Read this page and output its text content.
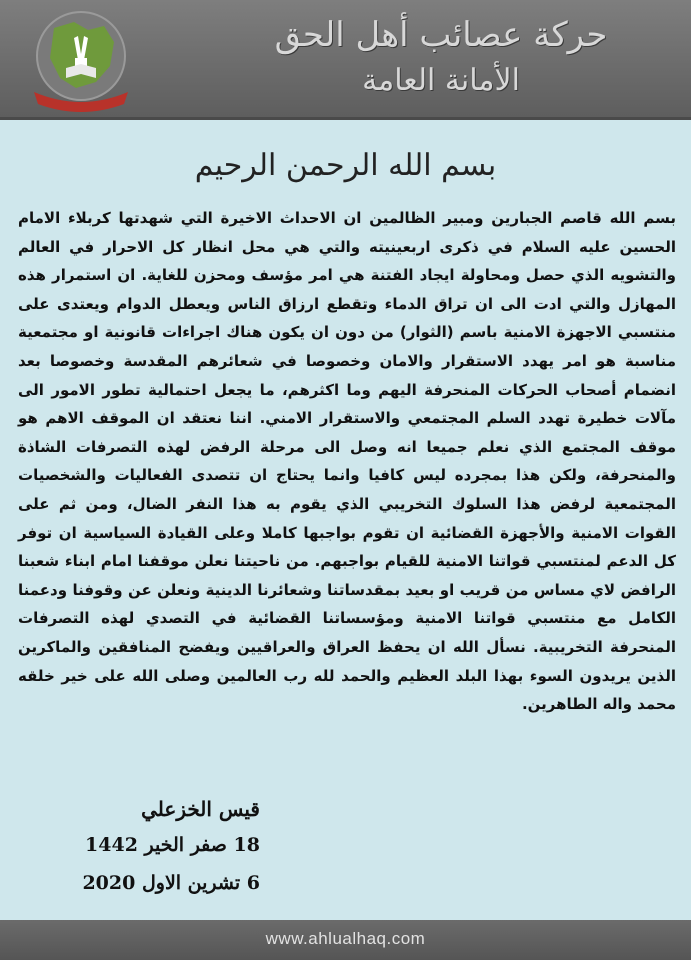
حركة عصائب أهل الحق
الأمانة العامة
بسم الله الرحمن الرحيم
بسم الله قاصم الجبارين ومبير الظالمين ان الاحداث الاخيرة التي شهدتها كربلاء الامام الحسين عليه السلام في ذكرى اربعينيته والتي هي محل انظار كل الاحرار في العالم والتشويه الذي حصل ومحاولة ايجاد الفتنة هي امر مؤسف ومحزن للغاية. ان استمرار هذه المهازل والتي ادت الى ان تراق الدماء وتقطع ارزاق الناس ويعطل الدوام ويعتدى على منتسبي الاجهزة الامنية باسم (الثوار) من دون ان يكون هناك اجراءات قانونية او مجتمعية مناسبة هو امر يهدد الاستقرار والامان وخصوصا في شعائرهم المقدسة وخصوصا بعد انضمام أصحاب الحركات المنحرفة اليهم وما اكثرهم، ما يجعل احتمالية تطور الامور الى مآلات خطيرة تهدد السلم المجتمعي والاستقرار الامني. اننا نعتقد ان الموقف الاهم هو موقف المجتمع الذي نعلم جميعا انه وصل الى مرحلة الرفض لهذه التصرفات الشاذة والمنحرفة، ولكن هذا بمجرده ليس كافيا وانما يحتاج ان تتصدى الفعاليات والشخصيات المجتمعية لرفض هذا السلوك التخريبي الذي يقوم به هذا النفر الضال، ومن ثم على القوات الامنية والأجهزة القضائية ان تقوم بواجبها كاملا وعلى القيادة السياسية ان توفر كل الدعم لمنتسبي قواتنا الامنية للقيام بواجبهم. من ناحيتنا نعلن موقفنا امام ابناء شعبنا الرافض لاي مساس من قريب او بعيد بمقدساتنا وشعائرنا الدينية ونعلن عن وقوفنا ودعمنا الكامل مع منتسبي قواتنا الامنية ومؤسساتنا القضائية في التصدي لهذه التصرفات المنحرفة التخريبية. نسأل الله ان يحفظ العراق والعراقيين ويفضح المنافقين والماكرين الذين يريدون السوء بهذا البلد العظيم والحمد لله رب العالمين وصلى الله على خير خلقه محمد واله الطاهرين.
قيس الخزعلي
18 صفر الخير 1442
6 تشرين الاول 2020
www.ahlualhaq.com
